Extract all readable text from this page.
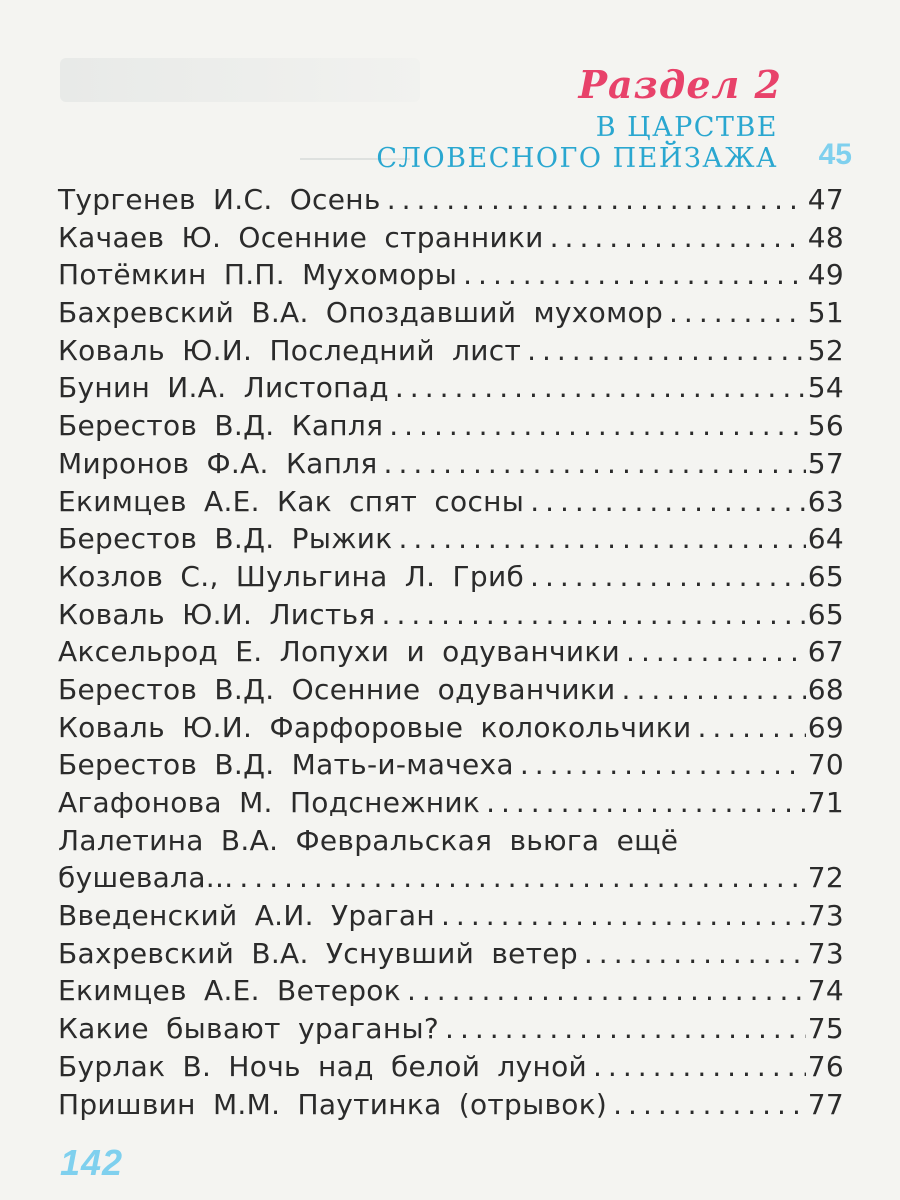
Раздел 2
В ЦАРСТВЕ
СЛОВЕСНОГО ПЕЙЗАЖА 45
Тургенев И.С. Осень .....	47
Качаев Ю. Осенние странники .....	48
Потёмкин П.П. Мухоморы .....	49
Бахревский В.А. Опоздавший мухомор .....	51
Коваль Ю.И. Последний лист .....	52
Бунин И.А. Листопад .....	54
Берестов В.Д. Капля .....	56
Миронов Ф.А. Капля .....	57
Екимцев А.Е. Как спят сосны .....	63
Берестов В.Д. Рыжик .....	64
Козлов С., Шульгина Л. Гриб .....	65
Коваль Ю.И. Листья .....	65
Аксельрод Е. Лопухи и одуванчики .....	67
Берестов В.Д. Осенние одуванчики .....	68
Коваль Ю.И. Фарфоровые колокольчики .....	69
Берестов В.Д. Мать-и-мачеха .....	70
Агафонова М. Подснежник .....	71
Лалетина В.А. Февральская вьюга ещё
бушевала... .....	72
Введенский А.И. Ураган .....	73
Бахревский В.А. Уснувший ветер .....	73
Екимцев А.Е. Ветерок .....	74
Какие бывают ураганы? .....	75
Бурлак В. Ночь над белой луной .....	76
Пришвин М.М. Паутинка (отрывок) .....	77
142
